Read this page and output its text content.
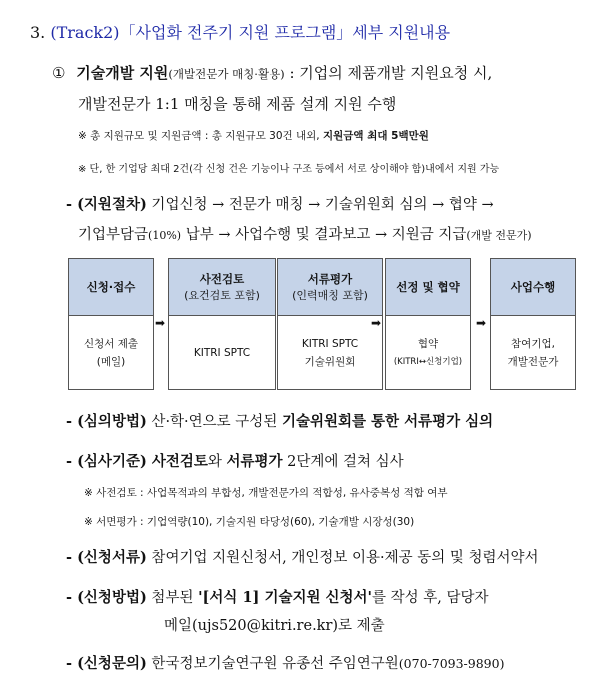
3. (Track2)「사업화 전주기 지원 프로그램」세부 지원내용
① 기술개발 지원(개발전문가 매칭·활용) : 기업의 제품개발 지원요청 시,
개발전문가 1:1 매칭을 통해 제품 설계 지원 수행
※ 총 지원규모 및 지원금액 : 총 지원규모 30건 내외, 지원금액 최대 5백만원
※ 단, 한 기업당 최대 2건(각 신청 건은 기능이나 구조 등에서 서로 상이해야 함)내에서 지원 가능
- (지원절차) 기업신청 → 전문가 매칭 → 기술위원회 심의 → 협약 →
기업부담금(10%) 납부 → 사업수행 및 결과보고 → 지원금 지급(개발 전문가)
신청·접수
신청서 제출
(메일)
사전검토
(요건검토 포함)
KITRI SPTC
서류평가
(인력매칭 포함)
KITRI SPTC
기술위원회
선정 및 협약
협약
(KITRI↔신청기업)
사업수행
참여기업,
개발전문가
➡	➡	➡
- (심의방법) 산·학·연으로 구성된 기술위원회를 통한 서류평가 심의
- (심사기준) 사전검토와 서류평가 2단계에 걸쳐 심사
※ 사전검토 : 사업목적과의 부합성, 개발전문가의 적합성, 유사중복성 적합 여부
※ 서면평가 : 기업역량(10), 기술지원 타당성(60), 기술개발 시장성(30)
- (신청서류) 참여기업 지원신청서, 개인정보 이용·제공 동의 및 청렴서약서
- (신청방법) 첨부된 '[서식 1] 기술지원 신청서'를 작성 후, 담당자
메일(ujs520@kitri.re.kr)로 제출
- (신청문의) 한국정보기술연구원 유종선 주임연구원(070-7093-9890)
